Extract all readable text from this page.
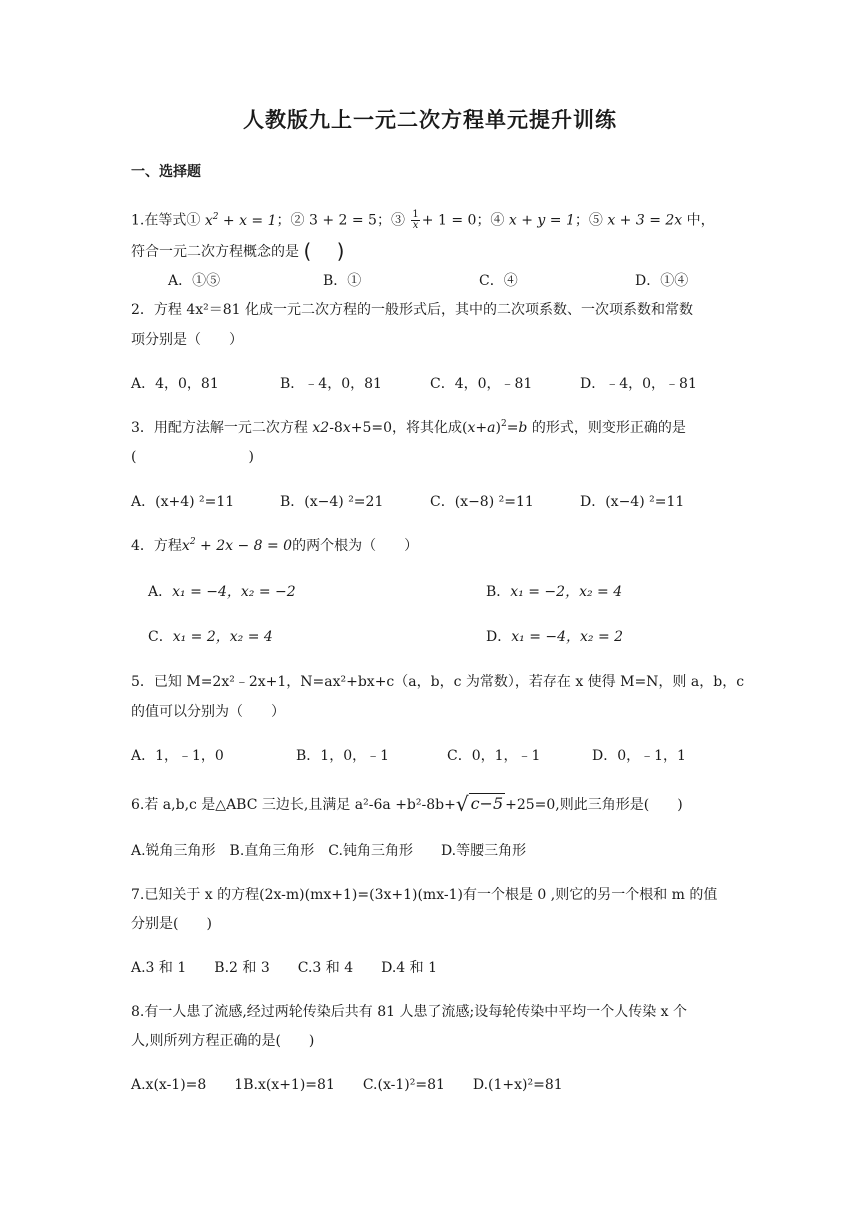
人教版九上一元二次方程单元提升训练
一、选择题
1.在等式① $x^2 + x = 1$；② 3 + 2 = 5；③ $\frac{1}{x} + 1 = 0$；④ x + y = 1；⑤ x + 3 = 2x 中，
符合一元二次方程概念的是 (    )
A．①⑤	B．①	C．④	D．①④
2．方程 4x²＝81 化成一元二次方程的一般形式后，其中的二次项系数、一次项系数和常数
项分别是（　　）
A．4，0，81	B．﹣4，0，81	C．4，0，﹣81	D．﹣4，0，﹣81
3．用配方法解一元二次方程 x2-8x+5=0，将其化成$(x+a)^2=b$ 的形式，则变形正确的是
(　　　　　　　　)
A．(x+4) ²=11	B．(x−4) ²=21	C．(x−8) ²=11	D．(x−4) ²=11
4．方程$x^2 + 2x - 8 = 0$的两个根为（　　）
A．x₁ = −4，x₂ = −2	B．x₁ = −2，x₂ = 4
C．x₁ = 2，x₂ = 4	D．x₁ = −4，x₂ = 2
5．已知 M=2x²﹣2x+1，N=ax²+bx+c（a，b，c 为常数），若存在 x 使得 M=N，则 a，b，c
的值可以分别为（　　）
A．1，﹣1，0	B．1，0，﹣1	C．0，1，﹣1	D．0，﹣1，1
6.若 a,b,c 是△ABC 三边长,且满足 a²-6a +b²-8b+√ c−5 +25=0,则此三角形是(　　)
A.锐角三角形　B.直角三角形　C.钝角三角形　　D.等腰三角形
7.已知关于 x 的方程(2x-m)(mx+1)=(3x+1)(mx-1)有一个根是 0 ,则它的另一个根和 m 的值
分别是(　　)
A.3 和 1　　B.2 和 3　　C.3 和 4　　D.4 和 1
8.有一人患了流感,经过两轮传染后共有 81 人患了流感;设每轮传染中平均一个人传染 x 个
人,则所列方程正确的是(　　)
A.x(x-1)=8　　1B.x(x+1)=81　　C.(x-1)²=81　　D.(1+x)²=81
